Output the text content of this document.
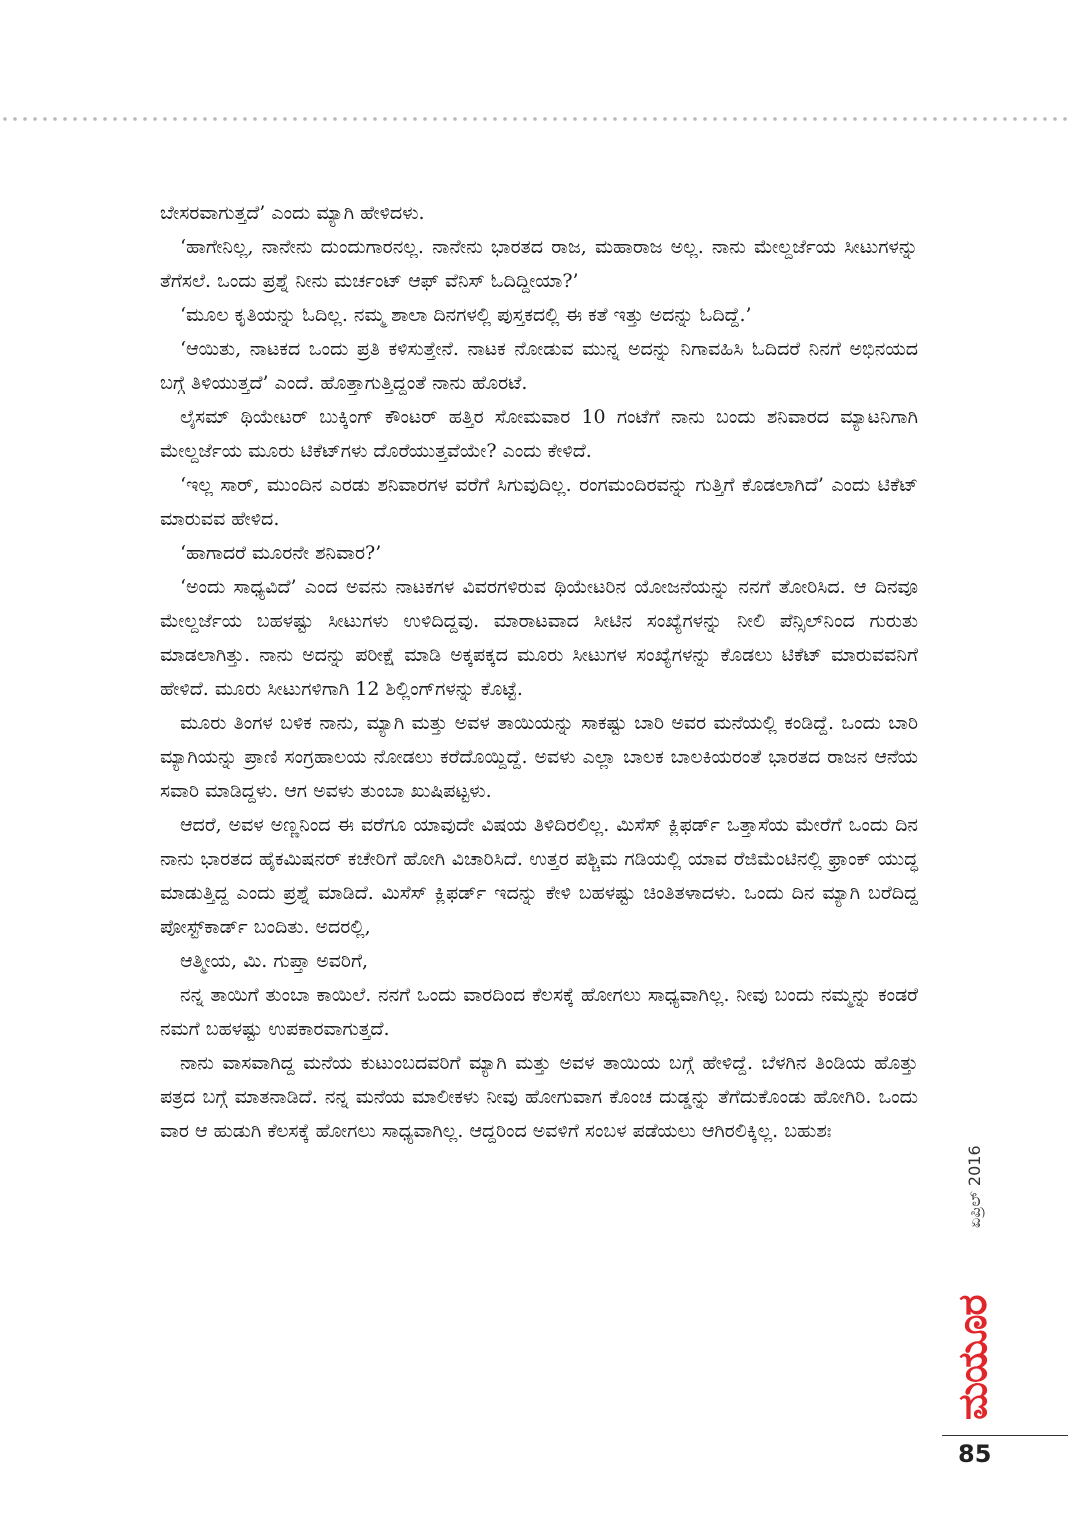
ಬೇಸರವಾಗುತ್ತದೆ’ ಎಂದು ಮ್ಯಾಗಿ ಹೇಳಿದಳು.

‘ಹಾಗೇನಿಲ್ಲ, ನಾನೇನು ದುಂದುಗಾರನಲ್ಲ. ನಾನೇನು ಭಾರತದ ರಾಜ, ಮಹಾರಾಜ ಅಲ್ಲ. ನಾನು ಮೇಲ್ದರ್ಜೆಯ ಸೀಟುಗಳನ್ನು ತೆಗೆಸಲೆ. ಒಂದು ಪ್ರಶ್ನೆ ನೀನು ಮರ್ಚಂಟ್ ಆಫ್ ವೆನಿಸ್ ಓದಿದ್ದೀಯಾ?’

‘ಮೂಲ ಕೃತಿಯನ್ನು ಓದಿಲ್ಲ. ನಮ್ಮ ಶಾಲಾ ದಿನಗಳಲ್ಲಿ ಪುಸ್ತಕದಲ್ಲಿ ಈ ಕತೆ ಇತ್ತು ಅದನ್ನು ಓದಿದ್ದೆ.’

‘ಆಯಿತು, ನಾಟಕದ ಒಂದು ಪ್ರತಿ ಕಳಿಸುತ್ತೇನೆ. ನಾಟಕ ನೋಡುವ ಮುನ್ನ ಅದನ್ನು ನಿಗಾವಹಿಸಿ ಓದಿದರೆ ನಿನಗೆ ಅಭಿನಯದ ಬಗ್ಗೆ ತಿಳಿಯುತ್ತದೆ’ ಎಂದೆ. ಹೊತ್ತಾಗುತ್ತಿದ್ದಂತೆ ನಾನು ಹೊರಟೆ.

ಲೈಸಮ್ ಥಿಯೇಟರ್ ಬುಕ್ಕಿಂಗ್ ಕೌಂಟರ್ ಹತ್ತಿರ ಸೋಮವಾರ 10 ಗಂಟೆಗೆ ನಾನು ಬಂದು ಶನಿವಾರದ ಮ್ಯಾಟನಿಗಾಗಿ ಮೇಲ್ದರ್ಜೆಯ ಮೂರು ಟಿಕೆಟ್‌ಗಳು ದೊರೆಯುತ್ತವೆಯೇ? ಎಂದು ಕೇಳಿದೆ.

‘ಇಲ್ಲ ಸಾರ್, ಮುಂದಿನ ಎರಡು ಶನಿವಾರಗಳ ವರೆಗೆ ಸಿಗುವುದಿಲ್ಲ. ರಂಗಮಂದಿರವನ್ನು ಗುತ್ತಿಗೆ ಕೊಡಲಾಗಿದೆ’ ಎಂದು ಟಿಕೆಟ್ ಮಾರುವವ ಹೇಳಿದ.

‘ಹಾಗಾದರೆ ಮೂರನೇ ಶನಿವಾರ?’

‘ಅಂದು ಸಾಧ್ಯವಿದೆ’ ಎಂದ ಅವನು ನಾಟಕಗಳ ವಿವರಗಳಿರುವ ಥಿಯೇಟರಿನ ಯೋಜನೆಯನ್ನು ನನಗೆ ತೋರಿಸಿದ. ಆ ದಿನವೂ ಮೇಲ್ದರ್ಜೆಯ ಬಹಳಷ್ಟು ಸೀಟುಗಳು ಉಳಿದಿದ್ದವು. ಮಾರಾಟವಾದ ಸೀಟಿನ ಸಂಖ್ಯೆಗಳನ್ನು ನೀಲಿ ಪೆನ್ಸಿಲ್‌ನಿಂದ ಗುರುತು ಮಾಡಲಾಗಿತ್ತು. ನಾನು ಅದನ್ನು ಪರೀಕ್ಷೆ ಮಾಡಿ ಅಕ್ಕಪಕ್ಕದ ಮೂರು ಸೀಟುಗಳ ಸಂಖ್ಯೆಗಳನ್ನು ಕೊಡಲು ಟಿಕೆಟ್ ಮಾರುವವನಿಗೆ ಹೇಳಿದೆ. ಮೂರು ಸೀಟುಗಳಿಗಾಗಿ 12 ಶಿಲ್ಲಿಂಗ್‌ಗಳನ್ನು ಕೊಟ್ಟೆ.

ಮೂರು ತಿಂಗಳ ಬಳಿಕ ನಾನು, ಮ್ಯಾಗಿ ಮತ್ತು ಅವಳ ತಾಯಿಯನ್ನು ಸಾಕಷ್ಟು ಬಾರಿ ಅವರ ಮನೆಯಲ್ಲಿ ಕಂಡಿದ್ದೆ. ಒಂದು ಬಾರಿ ಮ್ಯಾಗಿಯನ್ನು ಪ್ರಾಣಿ ಸಂಗ್ರಹಾಲಯ ನೋಡಲು ಕರೆದೊಯ್ದಿದ್ದೆ. ಅವಳು ಎಲ್ಲಾ ಬಾಲಕ ಬಾಲಕಿಯರಂತೆ ಭಾರತದ ರಾಜನ ಆನೆಯ ಸವಾರಿ ಮಾಡಿದ್ದಳು. ಆಗ ಅವಳು ತುಂಬಾ ಖುಷಿಪಟ್ಟಳು.

ಆದರೆ, ಅವಳ ಅಣ್ಣನಿಂದ ಈ ವರೆಗೂ ಯಾವುದೇ ವಿಷಯ ತಿಳಿದಿರಲಿಲ್ಲ. ಮಿಸೆಸ್ ಕ್ಲಿಫರ್ಡ್ ಒತ್ತಾಸೆಯ ಮೇರೆಗೆ ಒಂದು ದಿನ ನಾನು ಭಾರತದ ಹೈಕಮಿಷನರ್ ಕಚೇರಿಗೆ ಹೋಗಿ ವಿಚಾರಿಸಿದೆ. ಉತ್ತರ ಪಶ್ಚಿಮ ಗಡಿಯಲ್ಲಿ ಯಾವ ರೆಜಿಮೆಂಟಿನಲ್ಲಿ ಫ್ರಾಂಕ್ ಯುದ್ಧ ಮಾಡುತ್ತಿದ್ದ ಎಂದು ಪ್ರಶ್ನೆ ಮಾಡಿದೆ. ಮಿಸೆಸ್ ಕ್ಲಿಫರ್ಡ್ ಇದನ್ನು ಕೇಳಿ ಬಹಳಷ್ಟು ಚಿಂತಿತಳಾದಳು. ಒಂದು ದಿನ ಮ್ಯಾಗಿ ಬರೆದಿದ್ದ ಪೋಸ್ಟ್‌ಕಾರ್ಡ್ ಬಂದಿತು. ಅದರಲ್ಲಿ,

ಆತ್ಮೀಯ, ಮಿ. ಗುಪ್ತಾ ಅವರಿಗೆ,

ನನ್ನ ತಾಯಿಗೆ ತುಂಬಾ ಕಾಯಿಲೆ. ನನಗೆ ಒಂದು ವಾರದಿಂದ ಕೆಲಸಕ್ಕೆ ಹೋಗಲು ಸಾಧ್ಯವಾಗಿಲ್ಲ. ನೀವು ಬಂದು ನಮ್ಮನ್ನು ಕಂಡರೆ ನಮಗೆ ಬಹಳಷ್ಟು ಉಪಕಾರವಾಗುತ್ತದೆ.

ನಾನು ವಾಸವಾಗಿದ್ದ ಮನೆಯ ಕುಟುಂಬದವರಿಗೆ ಮ್ಯಾಗಿ ಮತ್ತು ಅವಳ ತಾಯಿಯ ಬಗ್ಗೆ ಹೇಳಿದ್ದೆ. ಬೆಳಗಿನ ತಿಂಡಿಯ ಹೊತ್ತು ಪತ್ರದ ಬಗ್ಗೆ ಮಾತನಾಡಿದೆ. ನನ್ನ ಮನೆಯ ಮಾಲೀಕಳು ನೀವು ಹೋಗುವಾಗ ಕೊಂಚ ದುಡ್ಡನ್ನು ತೆಗೆದುಕೊಂಡು ಹೋಗಿರಿ. ಒಂದು ವಾರ ಆ ಹುಡುಗಿ ಕೆಲಸಕ್ಕೆ ಹೋಗಲು ಸಾಧ್ಯವಾಗಿಲ್ಲ. ಆದ್ದರಿಂದ ಅವಳಿಗೆ ಸಂಬಳ ಪಡೆಯಲು ಆಗಿರಲಿಕ್ಕಿಲ್ಲ. ಬಹುಶಃ

ಏಪ್ರಿಲ್ 2016
ಮಯೂರ
85
